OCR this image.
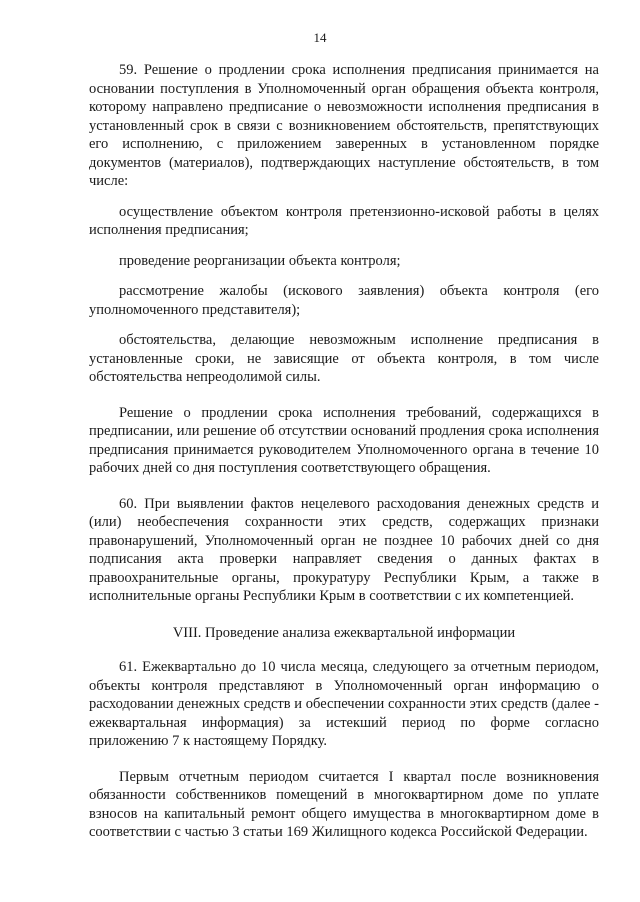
14

59. Решение о продлении срока исполнения предписания принимается на основании поступления в Уполномоченный орган обращения объекта контроля, которому направлено предписание о невозможности исполнения предписания в установленный срок в связи с возникновением обстоятельств, препятствующих его исполнению, с приложением заверенных в установленном порядке документов (материалов), подтверждающих наступление обстоятельств, в том числе:

осуществление объектом контроля претензионно-исковой работы в целях исполнения предписания;

проведение реорганизации объекта контроля;

рассмотрение жалобы (искового заявления) объекта контроля (его уполномоченного представителя);

обстоятельства, делающие невозможным исполнение предписания в установленные сроки, не зависящие от объекта контроля, в том числе обстоятельства непреодолимой силы.

Решение о продлении срока исполнения требований, содержащихся в предписании, или решение об отсутствии оснований продления срока исполнения предписания принимается руководителем Уполномоченного органа в течение 10 рабочих дней со дня поступления соответствующего обращения.

60. При выявлении фактов нецелевого расходования денежных средств и (или) необеспечения сохранности этих средств, содержащих признаки правонарушений, Уполномоченный орган не позднее 10 рабочих дней со дня подписания акта проверки направляет сведения о данных фактах в правоохранительные органы, прокуратуру Республики Крым, а также в исполнительные органы Республики Крым в соответствии с их компетенцией.

VIII. Проведение анализа ежеквартальной информации

61. Ежеквартально до 10 числа месяца, следующего за отчетным периодом, объекты контроля представляют в Уполномоченный орган информацию о расходовании денежных средств и обеспечении сохранности этих средств (далее - ежеквартальная информация) за истекший период по форме согласно приложению 7 к настоящему Порядку.

Первым отчетным периодом считается I квартал после возникновения обязанности собственников помещений в многоквартирном доме по уплате взносов на капитальный ремонт общего имущества в многоквартирном доме в соответствии с частью 3 статьи 169 Жилищного кодекса Российской Федерации.
